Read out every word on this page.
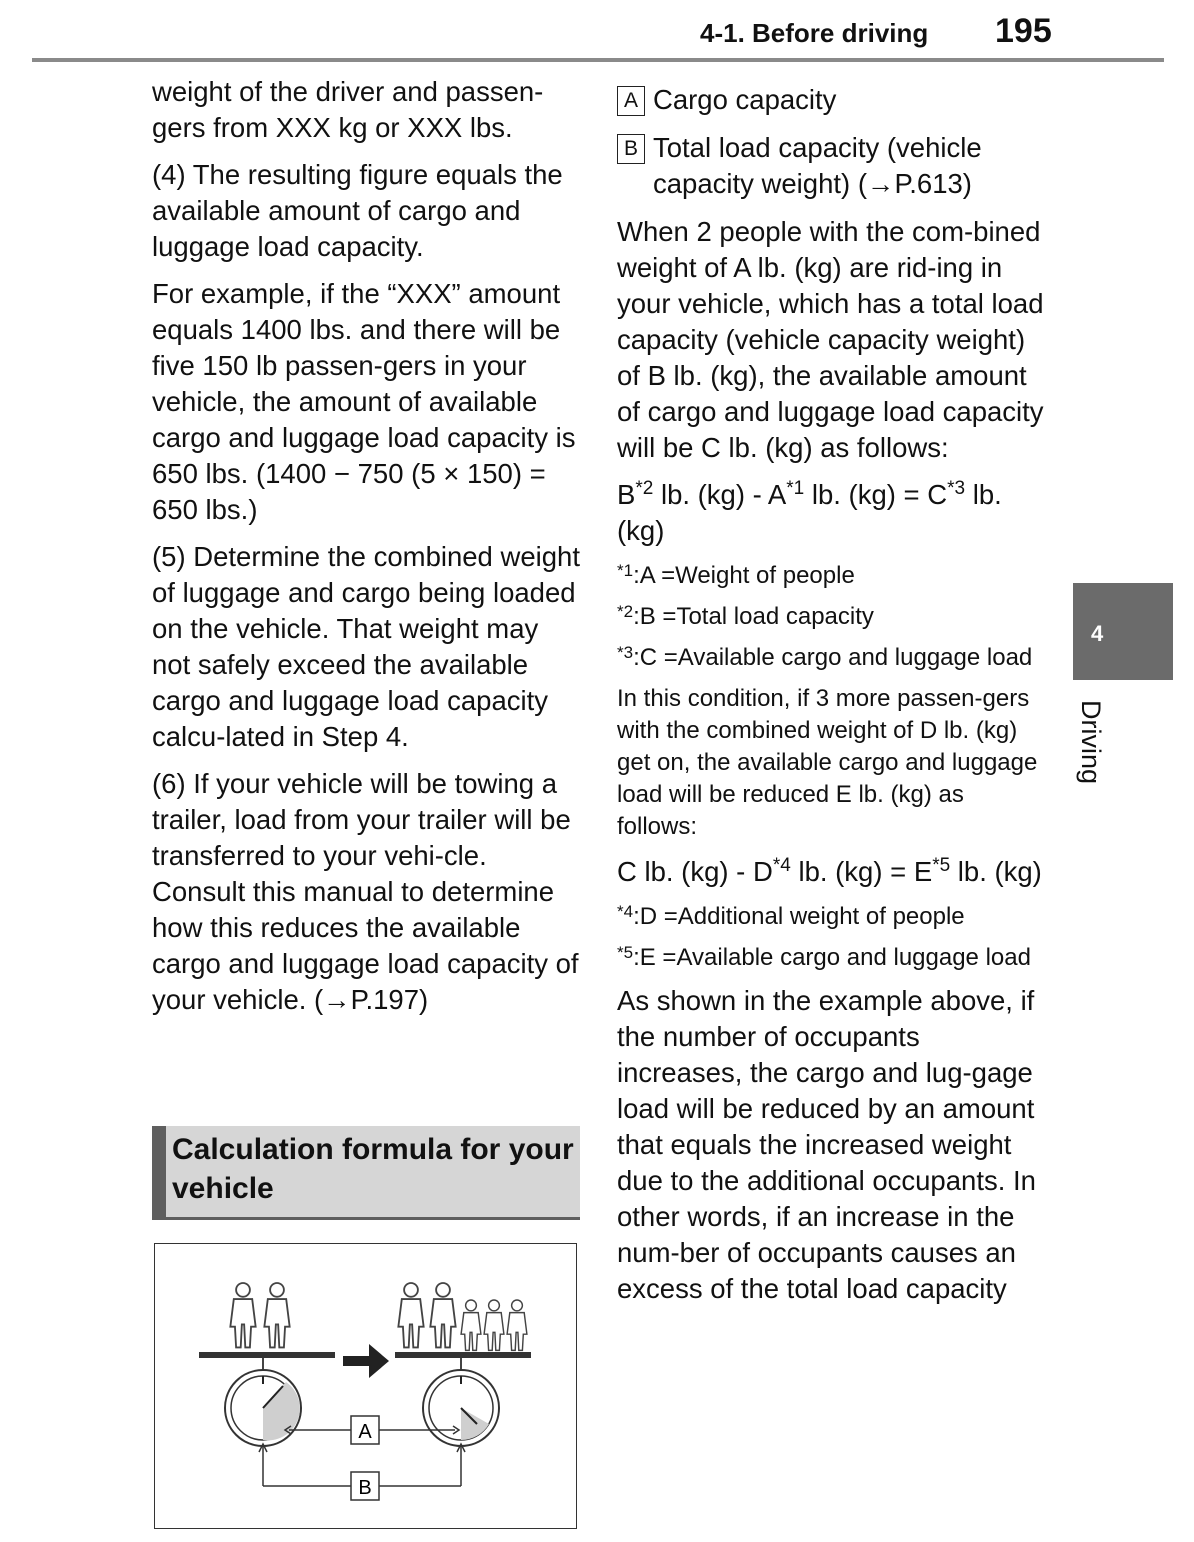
4-1. Before driving 195

weight of the driver and passen-gers from XXX kg or XXX lbs.

(4) The resulting figure equals the available amount of cargo and luggage load capacity.

For example, if the “XXX” amount equals 1400 lbs. and there will be five 150 lb passen-gers in your vehicle, the amount of available cargo and luggage load capacity is 650 lbs. (1400 − 750 (5 × 150) = 650 lbs.)

(5) Determine the combined weight of luggage and cargo being loaded on the vehicle. That weight may not safely exceed the available cargo and luggage load capacity calcu-lated in Step 4.

(6) If your vehicle will be towing a trailer, load from your trailer will be transferred to your vehi-cle. Consult this manual to determine how this reduces the available cargo and luggage load capacity of your vehicle. (→P.197)

Calculation formula for your vehicle
A
B
A Cargo capacity
B Total load capacity (vehicle capacity weight) (→P.613)

When 2 people with the com-bined weight of A lb. (kg) are rid-ing in your vehicle, which has a total load capacity (vehicle capacity weight) of B lb. (kg), the available amount of cargo and luggage load capacity will be C lb. (kg) as follows:

$B^{*2}$ lb. $(kg) - A^{*1}$ lb. $(kg) = C^{*3}$ lb. (kg)

$^{*1}$: A =Weight of people
$^{*2}$: B =Total load capacity
$^{*3}$: C =Available cargo and luggage load

In this condition, if 3 more passen-gers with the combined weight of D lb. (kg) get on, the available cargo and luggage load will be reduced E lb. (kg) as follows:

C lb. $(kg) - D^{*4}$ lb. $(kg) = E^{*5}$ lb. (kg)

$^{*4}$: D =Additional weight of people
$^{*5}$: E =Available cargo and luggage load

As shown in the example above, if the number of occupants increases, the cargo and lug-gage load will be reduced by an amount that equals the increased weight due to the additional occupants. In other words, if an increase in the num-ber of occupants causes an excess of the total load capacity

4
Driving
